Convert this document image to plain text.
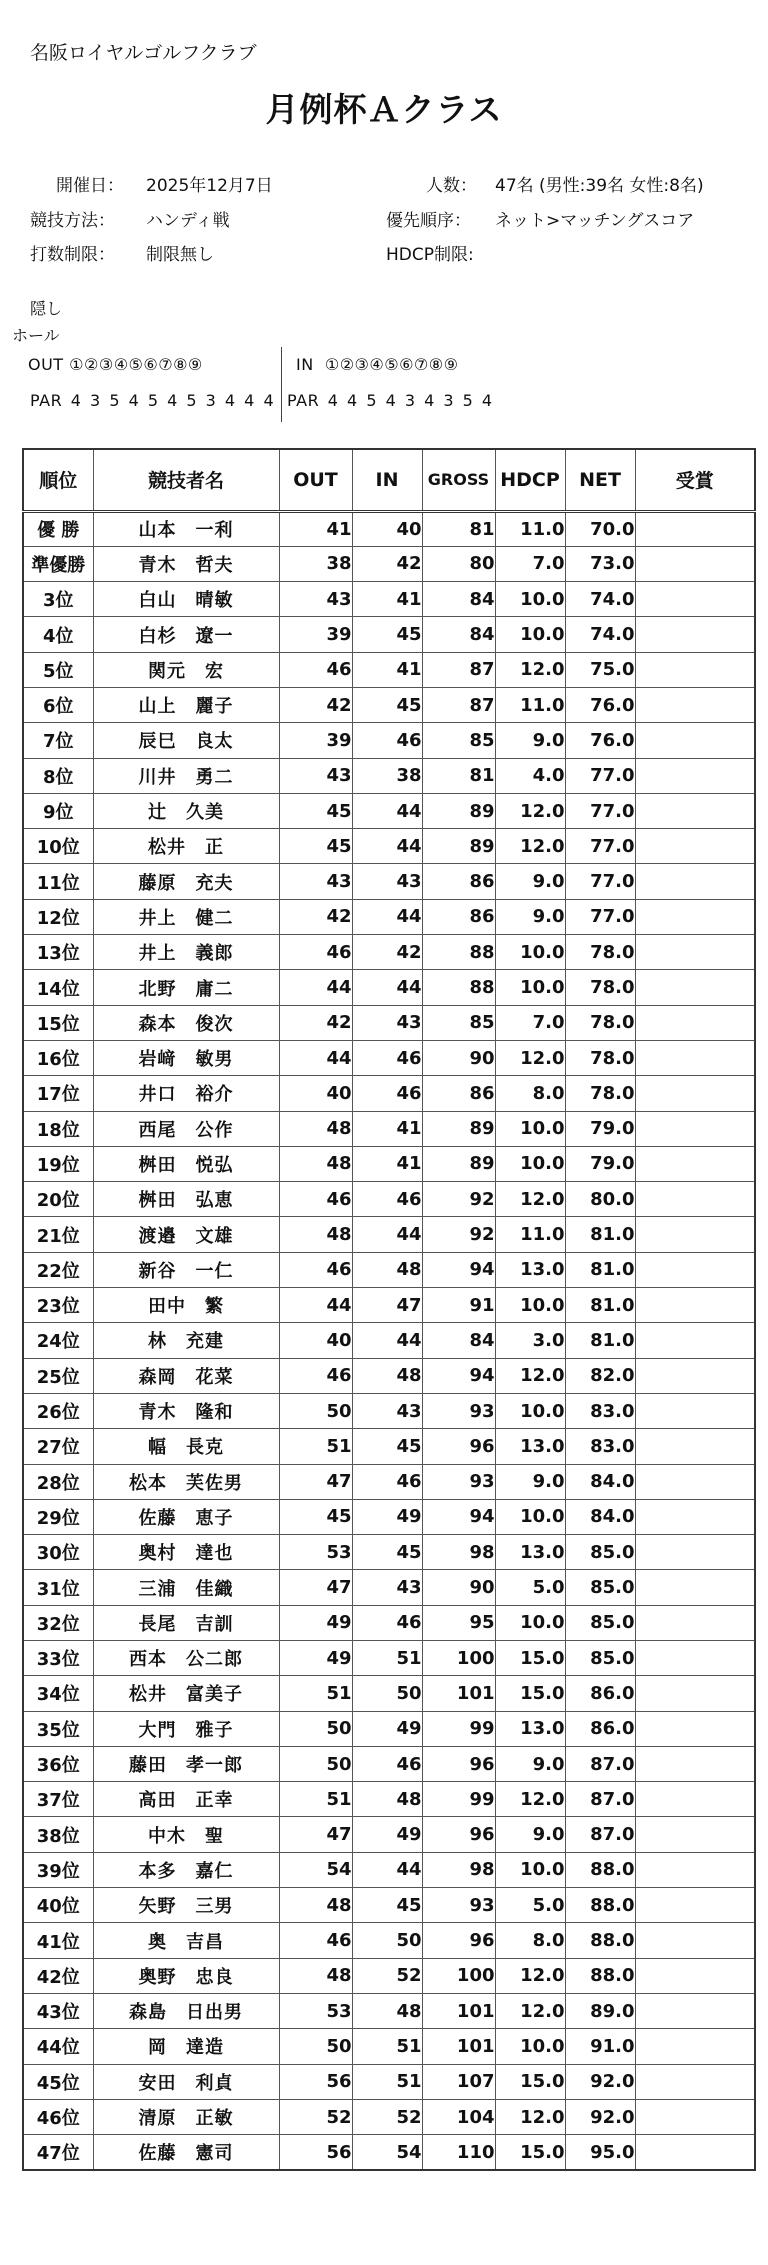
名阪ロイヤルゴルフクラブ
月例杯Ａクラス
開催日： 2025年12月7日
競技方法： ハンディ戦
打数制限： 制限無し
人数： 47名 (男性:39名 女性:8名)
優先順序： ネット>マッチングスコア
HDCP制限:
隠し
ホール
OUT ①②③④⑤⑥⑦⑧⑨	IN ①②③④⑤⑥⑦⑧⑨
PAR 4 3 5 4 5 4 5 3 4 4 4 PAR 4 4 5 4 3 4 3 5 4
順位	競技者名	OUT	IN	GROSS	HDCP	NET	受賞
優 勝	山本　一利	41	40	81	11.0	70.0	
準優勝	青木　哲夫	38	42	80	7.0	73.0	
3位	白山　晴敏	43	41	84	10.0	74.0	
4位	白杉　遼一	39	45	84	10.0	74.0	
5位	関元　宏	46	41	87	12.0	75.0	
6位	山上　麗子	42	45	87	11.0	76.0	
7位	辰巳　良太	39	46	85	9.0	76.0	
8位	川井　勇二	43	38	81	4.0	77.0	
9位	辻　久美	45	44	89	12.0	77.0	
10位	松井　正	45	44	89	12.0	77.0	
11位	藤原　充夫	43	43	86	9.0	77.0	
12位	井上　健二	42	44	86	9.0	77.0	
13位	井上　義郎	46	42	88	10.0	78.0	
14位	北野　庸二	44	44	88	10.0	78.0	
15位	森本　俊次	42	43	85	7.0	78.0	
16位	岩﨑　敏男	44	46	90	12.0	78.0	
17位	井口　裕介	40	46	86	8.0	78.0	
18位	西尾　公作	48	41	89	10.0	79.0	
19位	桝田　悦弘	48	41	89	10.0	79.0	
20位	桝田　弘恵	46	46	92	12.0	80.0	
21位	渡邉　文雄	48	44	92	11.0	81.0	
22位	新谷　一仁	46	48	94	13.0	81.0	
23位	田中　繁	44	47	91	10.0	81.0	
24位	林　充建	40	44	84	3.0	81.0	
25位	森岡　花菜	46	48	94	12.0	82.0	
26位	青木　隆和	50	43	93	10.0	83.0	
27位	幅　長克	51	45	96	13.0	83.0	
28位	松本　芙佐男	47	46	93	9.0	84.0	
29位	佐藤　恵子	45	49	94	10.0	84.0	
30位	奥村　達也	53	45	98	13.0	85.0	
31位	三浦　佳織	47	43	90	5.0	85.0	
32位	長尾　吉訓	49	46	95	10.0	85.0	
33位	西本　公二郎	49	51	100	15.0	85.0	
34位	松井　富美子	51	50	101	15.0	86.0	
35位	大門　雅子	50	49	99	13.0	86.0	
36位	藤田　孝一郎	50	46	96	9.0	87.0	
37位	高田　正幸	51	48	99	12.0	87.0	
38位	中木　聖	47	49	96	9.0	87.0	
39位	本多　嘉仁	54	44	98	10.0	88.0	
40位	矢野　三男	48	45	93	5.0	88.0	
41位	奥　吉昌	46	50	96	8.0	88.0	
42位	奥野　忠良	48	52	100	12.0	88.0	
43位	森島　日出男	53	48	101	12.0	89.0	
44位	岡　達造	50	51	101	10.0	91.0	
45位	安田　利貞	56	51	107	15.0	92.0	
46位	清原　正敏	52	52	104	12.0	92.0	
47位	佐藤　憲司	56	54	110	15.0	95.0	
